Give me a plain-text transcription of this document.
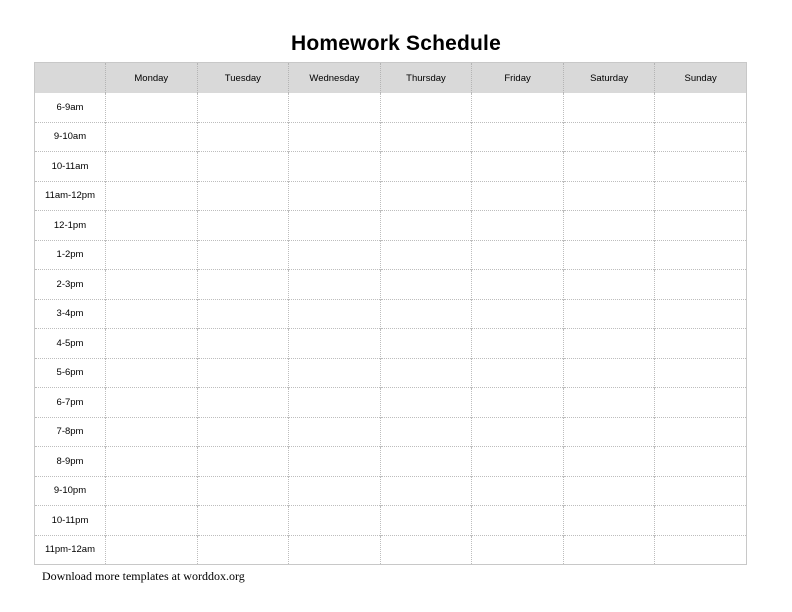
Homework Schedule
	Monday	Tuesday	Wednesday	Thursday	Friday	Saturday	Sunday
6-9am							
9-10am							
10-11am							
11am-12pm							
12-1pm							
1-2pm							
2-3pm							
3-4pm							
4-5pm							
5-6pm							
6-7pm							
7-8pm							
8-9pm							
9-10pm							
10-11pm							
11pm-12am							
Download more templates at worddox.org
